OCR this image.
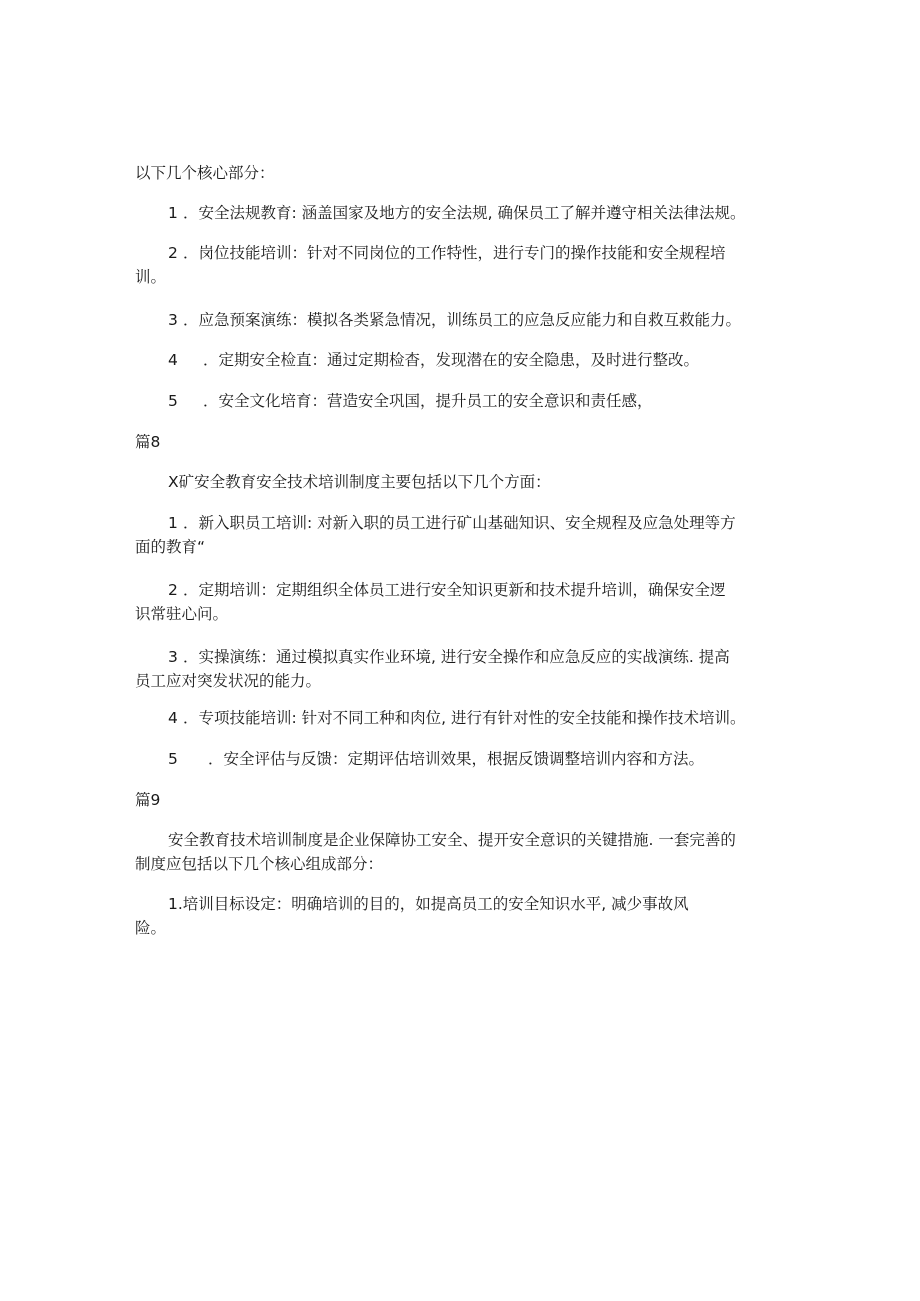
以下几个核心部分：
1 ．安全法规教育: 涵盖国家及地方的安全法规, 确保员工了解并遵守相关法律法规。
2 ．岗位技能培训：针对不同岗位的工作特性，进行专门的操作技能和安全规程培
训。
3 ．应急预案演练：模拟各类紧急情况，训练员工的应急反应能力和自救互救能力。
4 ．定期安全检直：通过定期检杳，发现潜在的安全隐患，及时进行整改。
5 ．安全文化培育：营造安全巩国，提升员工的安全意识和责任感，
篇8
X矿安全教育安全技术培训制度主要包括以下几个方面：
1 ．新入职员工培训: 对新入职的员工进行矿山基础知识、安全规程及应急处理等方
面的教育“
2 ．定期培训：定期组织全体员工进行安全知识更新和技术提升培训，确保安全逻
识常驻心问。
3 ．实操演练：通过模拟真实作业环境, 进行安全操作和应急反应的实战演练. 提高
员工应对突发状况的能力。
4 ．专项技能培训: 针对不同工种和肉位, 进行有针对性的安全技能和操作技术培训。
5 ．安全评估与反馈：定期评估培训效果，根据反馈调整培训内容和方法。
篇9
安全教育技术培训制度是企业保障协工安全、提开安全意识的关键措施. 一套完善的
制度应包括以下几个核心组成部分：
1.培训目标设定：明确培训的目的，如提高员工的安全知识水平, 减少事故风
险。
